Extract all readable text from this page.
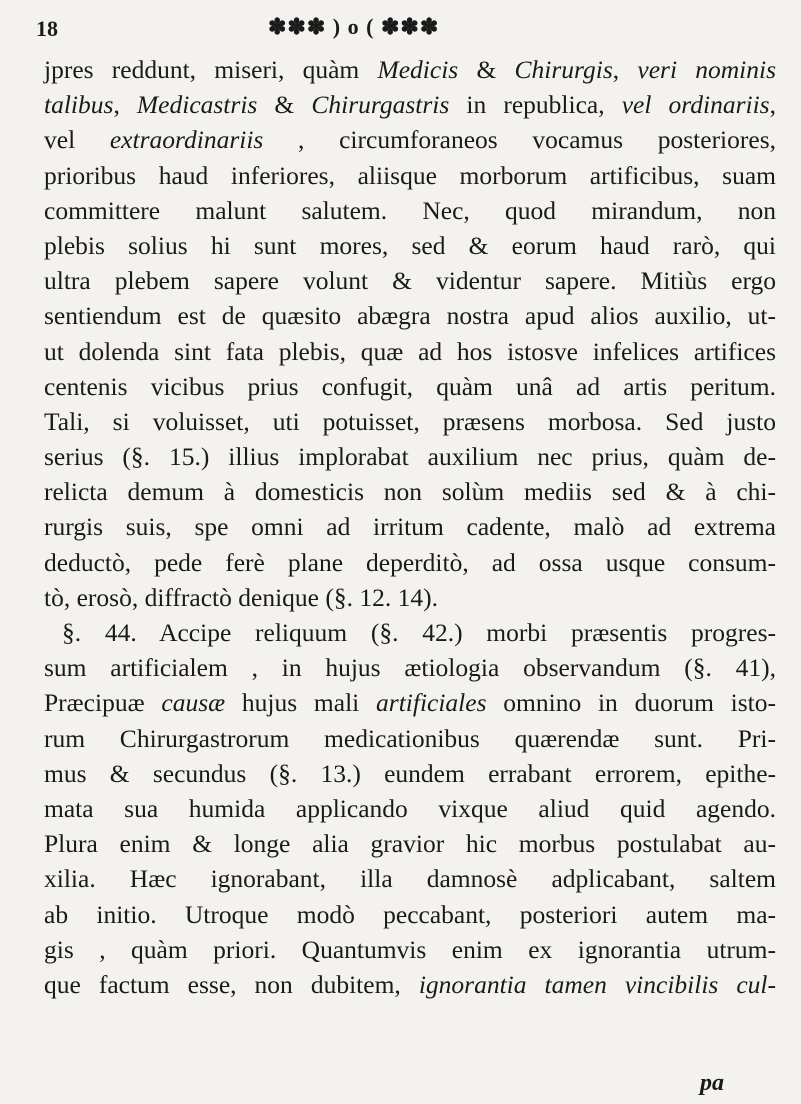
18	✽✽✽ ) o ( ✽✽✽
jpres reddunt, miseri, quàm Medicis & Chirurgis, veri nominis
talibus, Medicastris & Chirurgastris in republica, vel ordinariis,
vel extraordinariis , circumforaneos vocamus posteriores,
prioribus haud inferiores, aliisque morborum artificibus, suam
committere malunt salutem. Nec, quod mirandum, non
plebis solius hi sunt mores, sed & eorum haud rarò, qui
ultra plebem sapere volunt & videntur sapere. Mitiùs ergo
sentiendum est de quæsito abægra nostra apud alios auxilio, ut-
ut dolenda sint fata plebis, quæ ad hos istosve infelices artifices
centenis vicibus prius confugit, quàm unâ ad artis peritum.
Tali, si voluisset, uti potuisset, præsens morbosa. Sed justo
serius (§. 15.) illius implorabat auxilium nec prius, quàm de-
relicta demum à domesticis non solùm mediis sed & à chi-
rurgis suis, spe omni ad irritum cadente, malò ad extrema
deductò, pede ferè plane deperditò, ad ossa usque consum-
tò, erosò, diffractò denique (§. 12. 14).
§. 44. Accipe reliquum (§. 42.) morbi præsentis progres-
sum artificialem , in hujus ætiologia observandum (§. 41),
Præcipuæ causæ hujus mali artificiales omnino in duorum isto-
rum Chirurgastrorum medicationibus quærendæ sunt. Pri-
mus & secundus (§. 13.) eundem errabant errorem, epithe-
mata sua humida applicando vixque aliud quid agendo.
Plura enim & longe alia gravior hic morbus postulabat au-
xilia. Hæc ignorabant, illa damnosè adplicabant, saltem
ab initio. Utroque modò peccabant, posteriori autem ma-
gis , quàm priori. Quantumvis enim ex ignorantia utrum-
que factum esse, non dubitem, ignorantia tamen vincibilis cul-
pa
